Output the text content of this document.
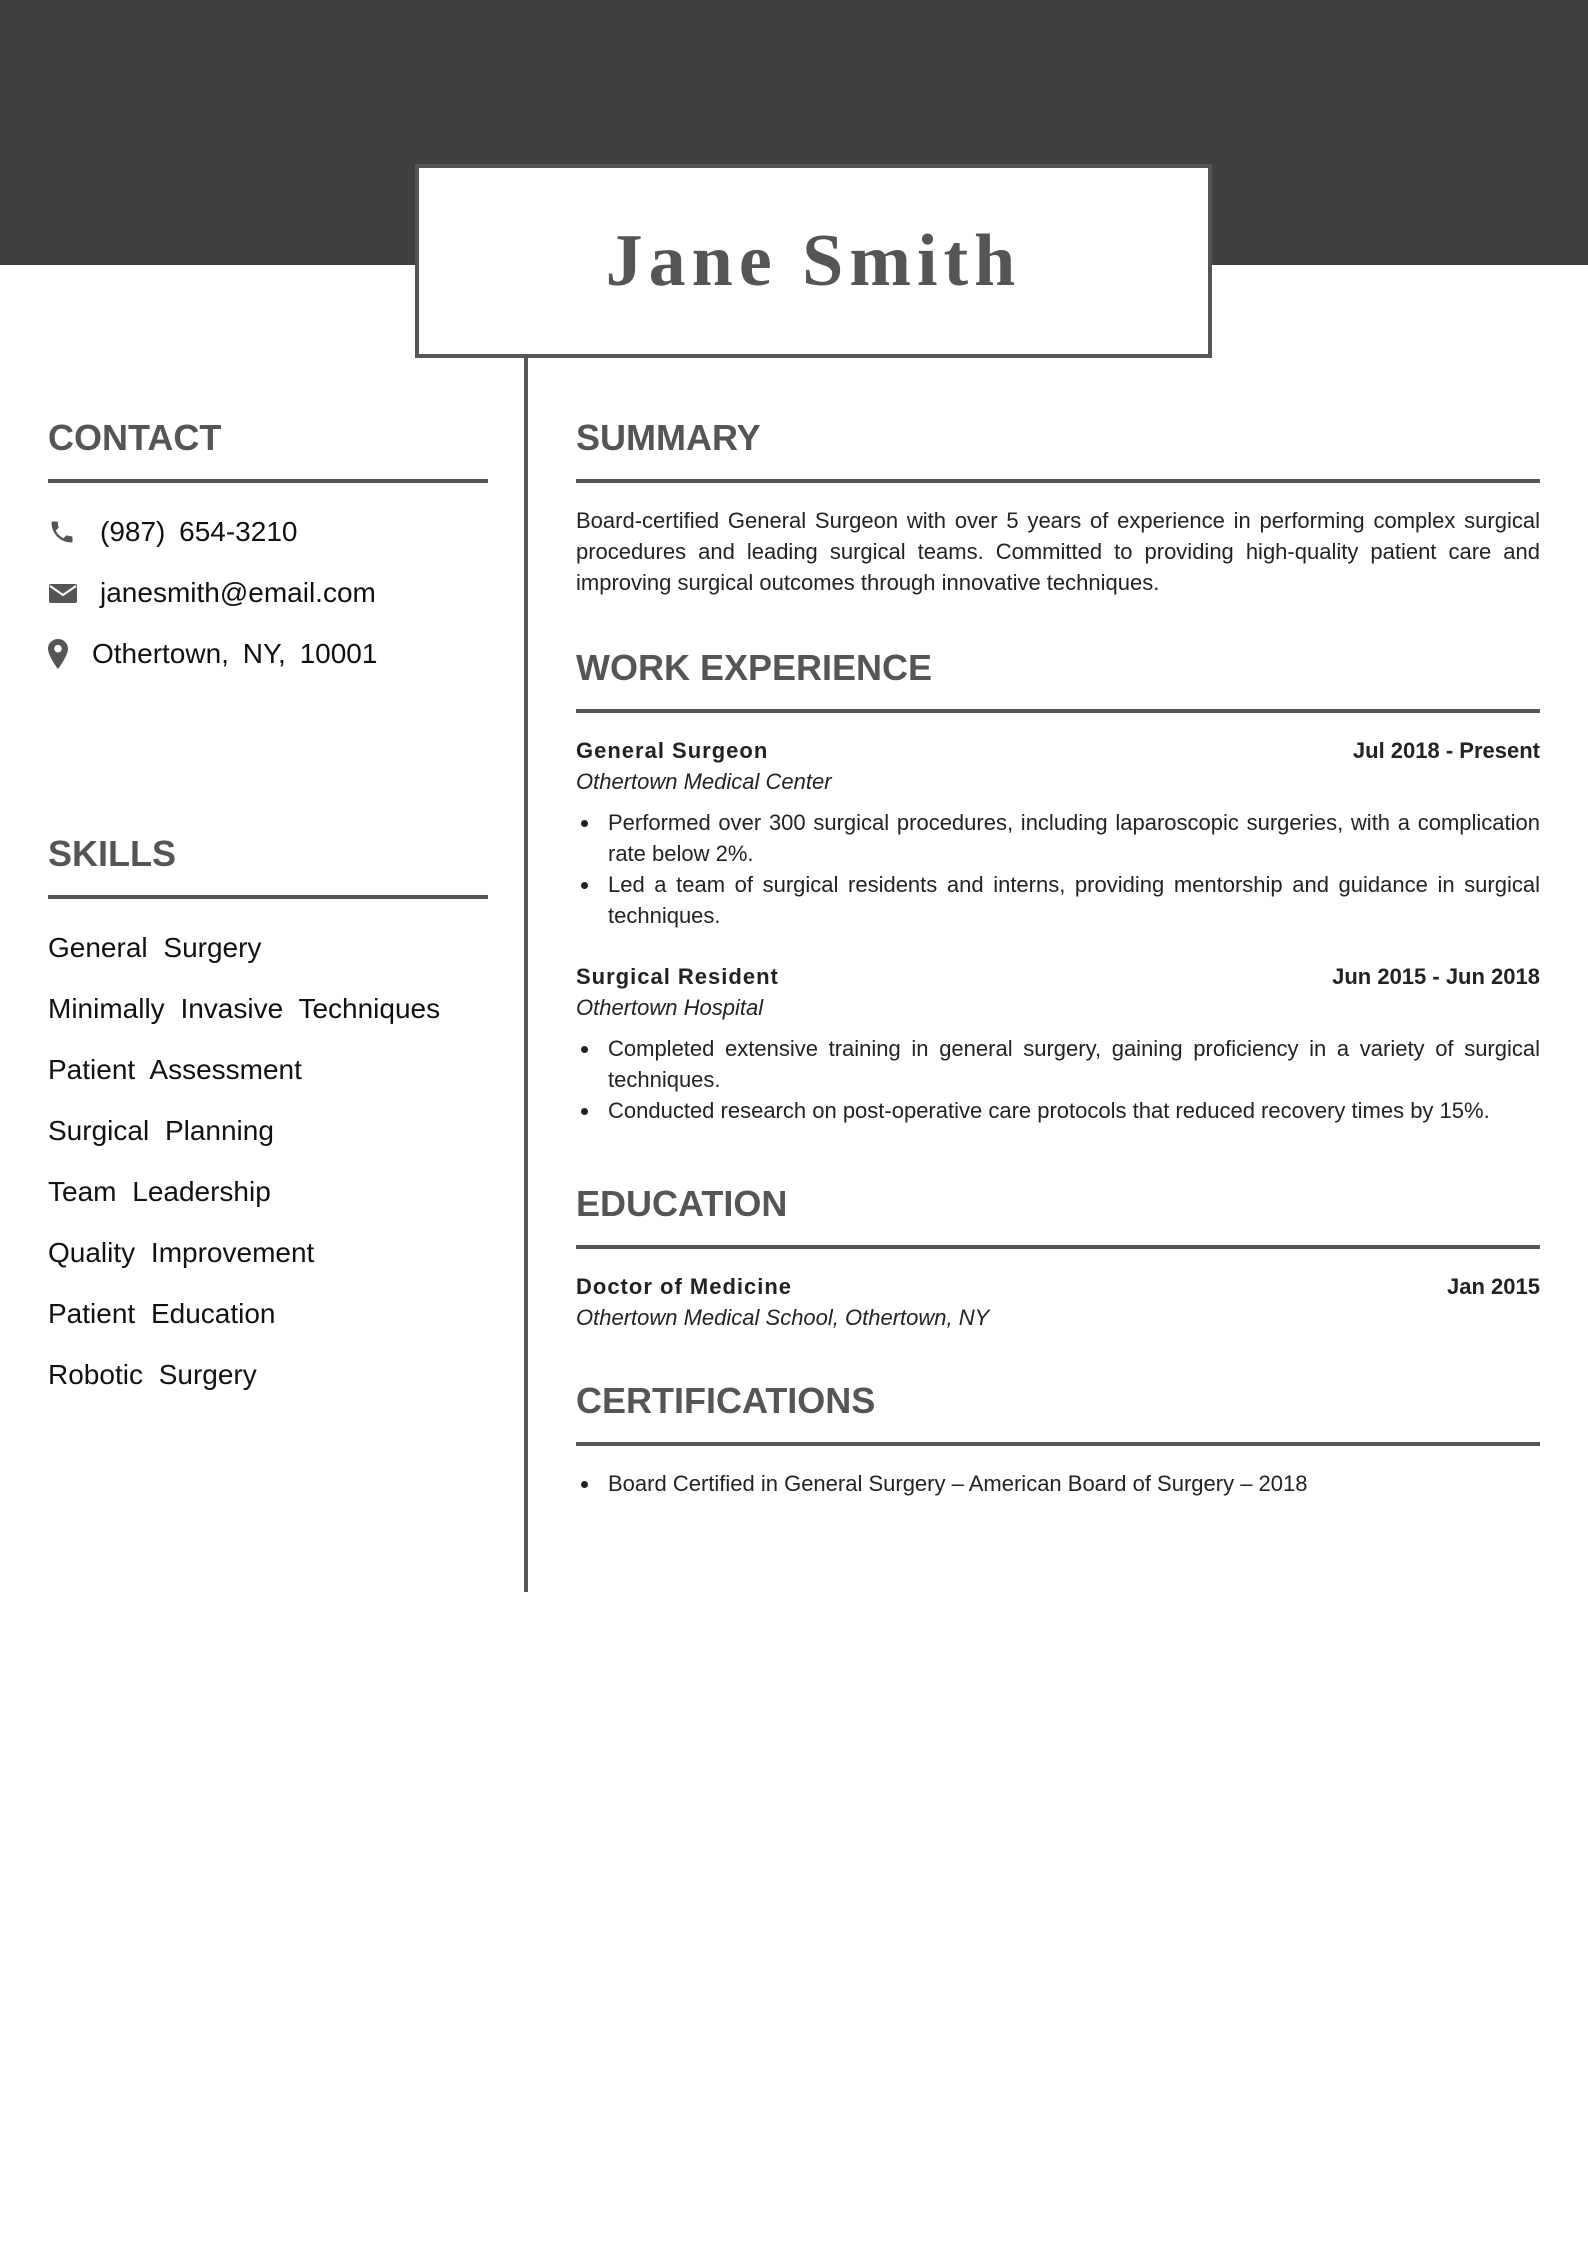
Jane Smith
CONTACT
(987) 654-3210
janesmith@email.com
Othertown, NY, 10001
SKILLS
General Surgery
Minimally Invasive Techniques
Patient Assessment
Surgical Planning
Team Leadership
Quality Improvement
Patient Education
Robotic Surgery
SUMMARY

Board-certified General Surgeon with over 5 years of experience in performing complex surgical procedures and leading surgical teams. Committed to providing high-quality patient care and improving surgical outcomes through innovative techniques.

WORK EXPERIENCE
General Surgeon	Jul 2018 - Present
Othertown Medical Center
Performed over 300 surgical procedures, including laparoscopic surgeries, with a complication rate below 2%.
Led a team of surgical residents and interns, providing mentorship and guidance in surgical techniques.
Surgical Resident	Jun 2015 - Jun 2018
Othertown Hospital
Completed extensive training in general surgery, gaining proficiency in a variety of surgical techniques.
Conducted research on post-operative care protocols that reduced recovery times by 15%.
EDUCATION
Doctor of Medicine	Jan 2015
Othertown Medical School, Othertown, NY
CERTIFICATIONS
Board Certified in General Surgery – American Board of Surgery – 2018
